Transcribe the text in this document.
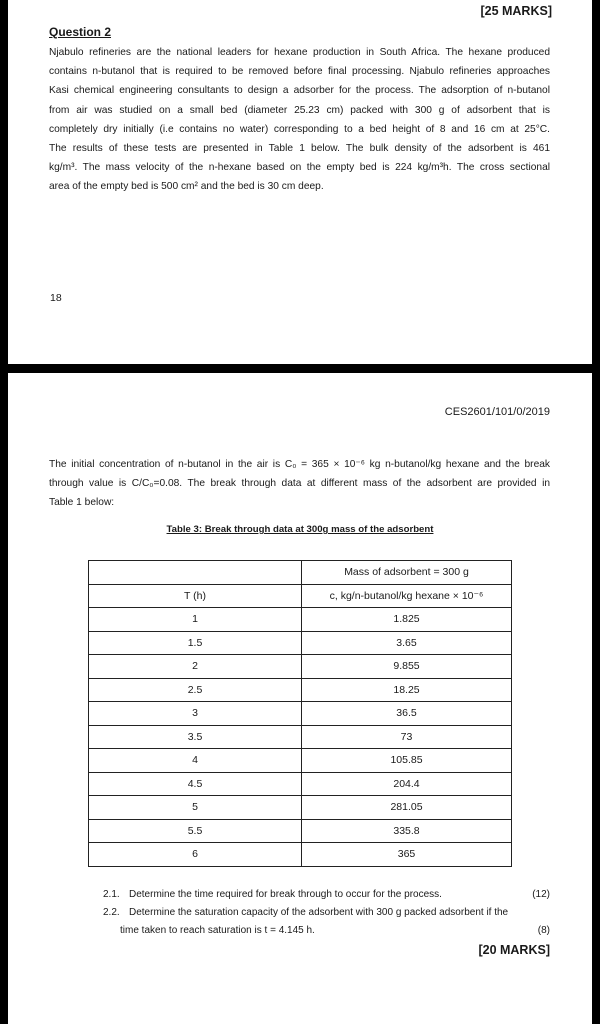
[25 MARKS]
Question 2
Njabulo refineries are the national leaders for hexane production in South Africa. The hexane produced
contains n-butanol that is required to be removed before final processing. Njabulo refineries approaches
Kasi chemical engineering consultants to design a adsorber for the process. The adsorption of n-butanol
from air was studied on a small bed (diameter 25.23 cm) packed with 300 g of adsorbent that is
completely dry initially (i.e contains no water) corresponding to a bed height of 8 and 16 cm at 25°C.
The results of these tests are presented in Table 1 below. The bulk density of the adsorbent is 461
kg/m³. The mass velocity of the n-hexane based on the empty bed is 224 kg/m³h. The cross sectional
area of the empty bed is 500 cm² and the bed is 30 cm deep.
18
CES2601/101/0/2019
The initial concentration of n-butanol in the air is C₀ = 365 × 10⁻⁶ kg n-butanol/kg hexane and the break
through value is C/C₀=0.08. The break through data at different mass of the adsorbent are provided in
Table 1 below:
Table 3: Break through data at 300g mass of the adsorbent
	Mass of adsorbent = 300 g
T (h)	c, kg/n-butanol/kg hexane × 10⁻⁶
1	1.825
1.5	3.65
2	9.855
2.5	18.25
3	36.5
3.5	73
4	105.85
4.5	204.4
5	281.05
5.5	335.8
6	365
2.1. Determine the time required for break through to occur for the process.	(12)
2.2. Determine the saturation capacity of the adsorbent with 300 g packed adsorbent if the
time taken to reach saturation is t = 4.145 h.	(8)
[20 MARKS]
